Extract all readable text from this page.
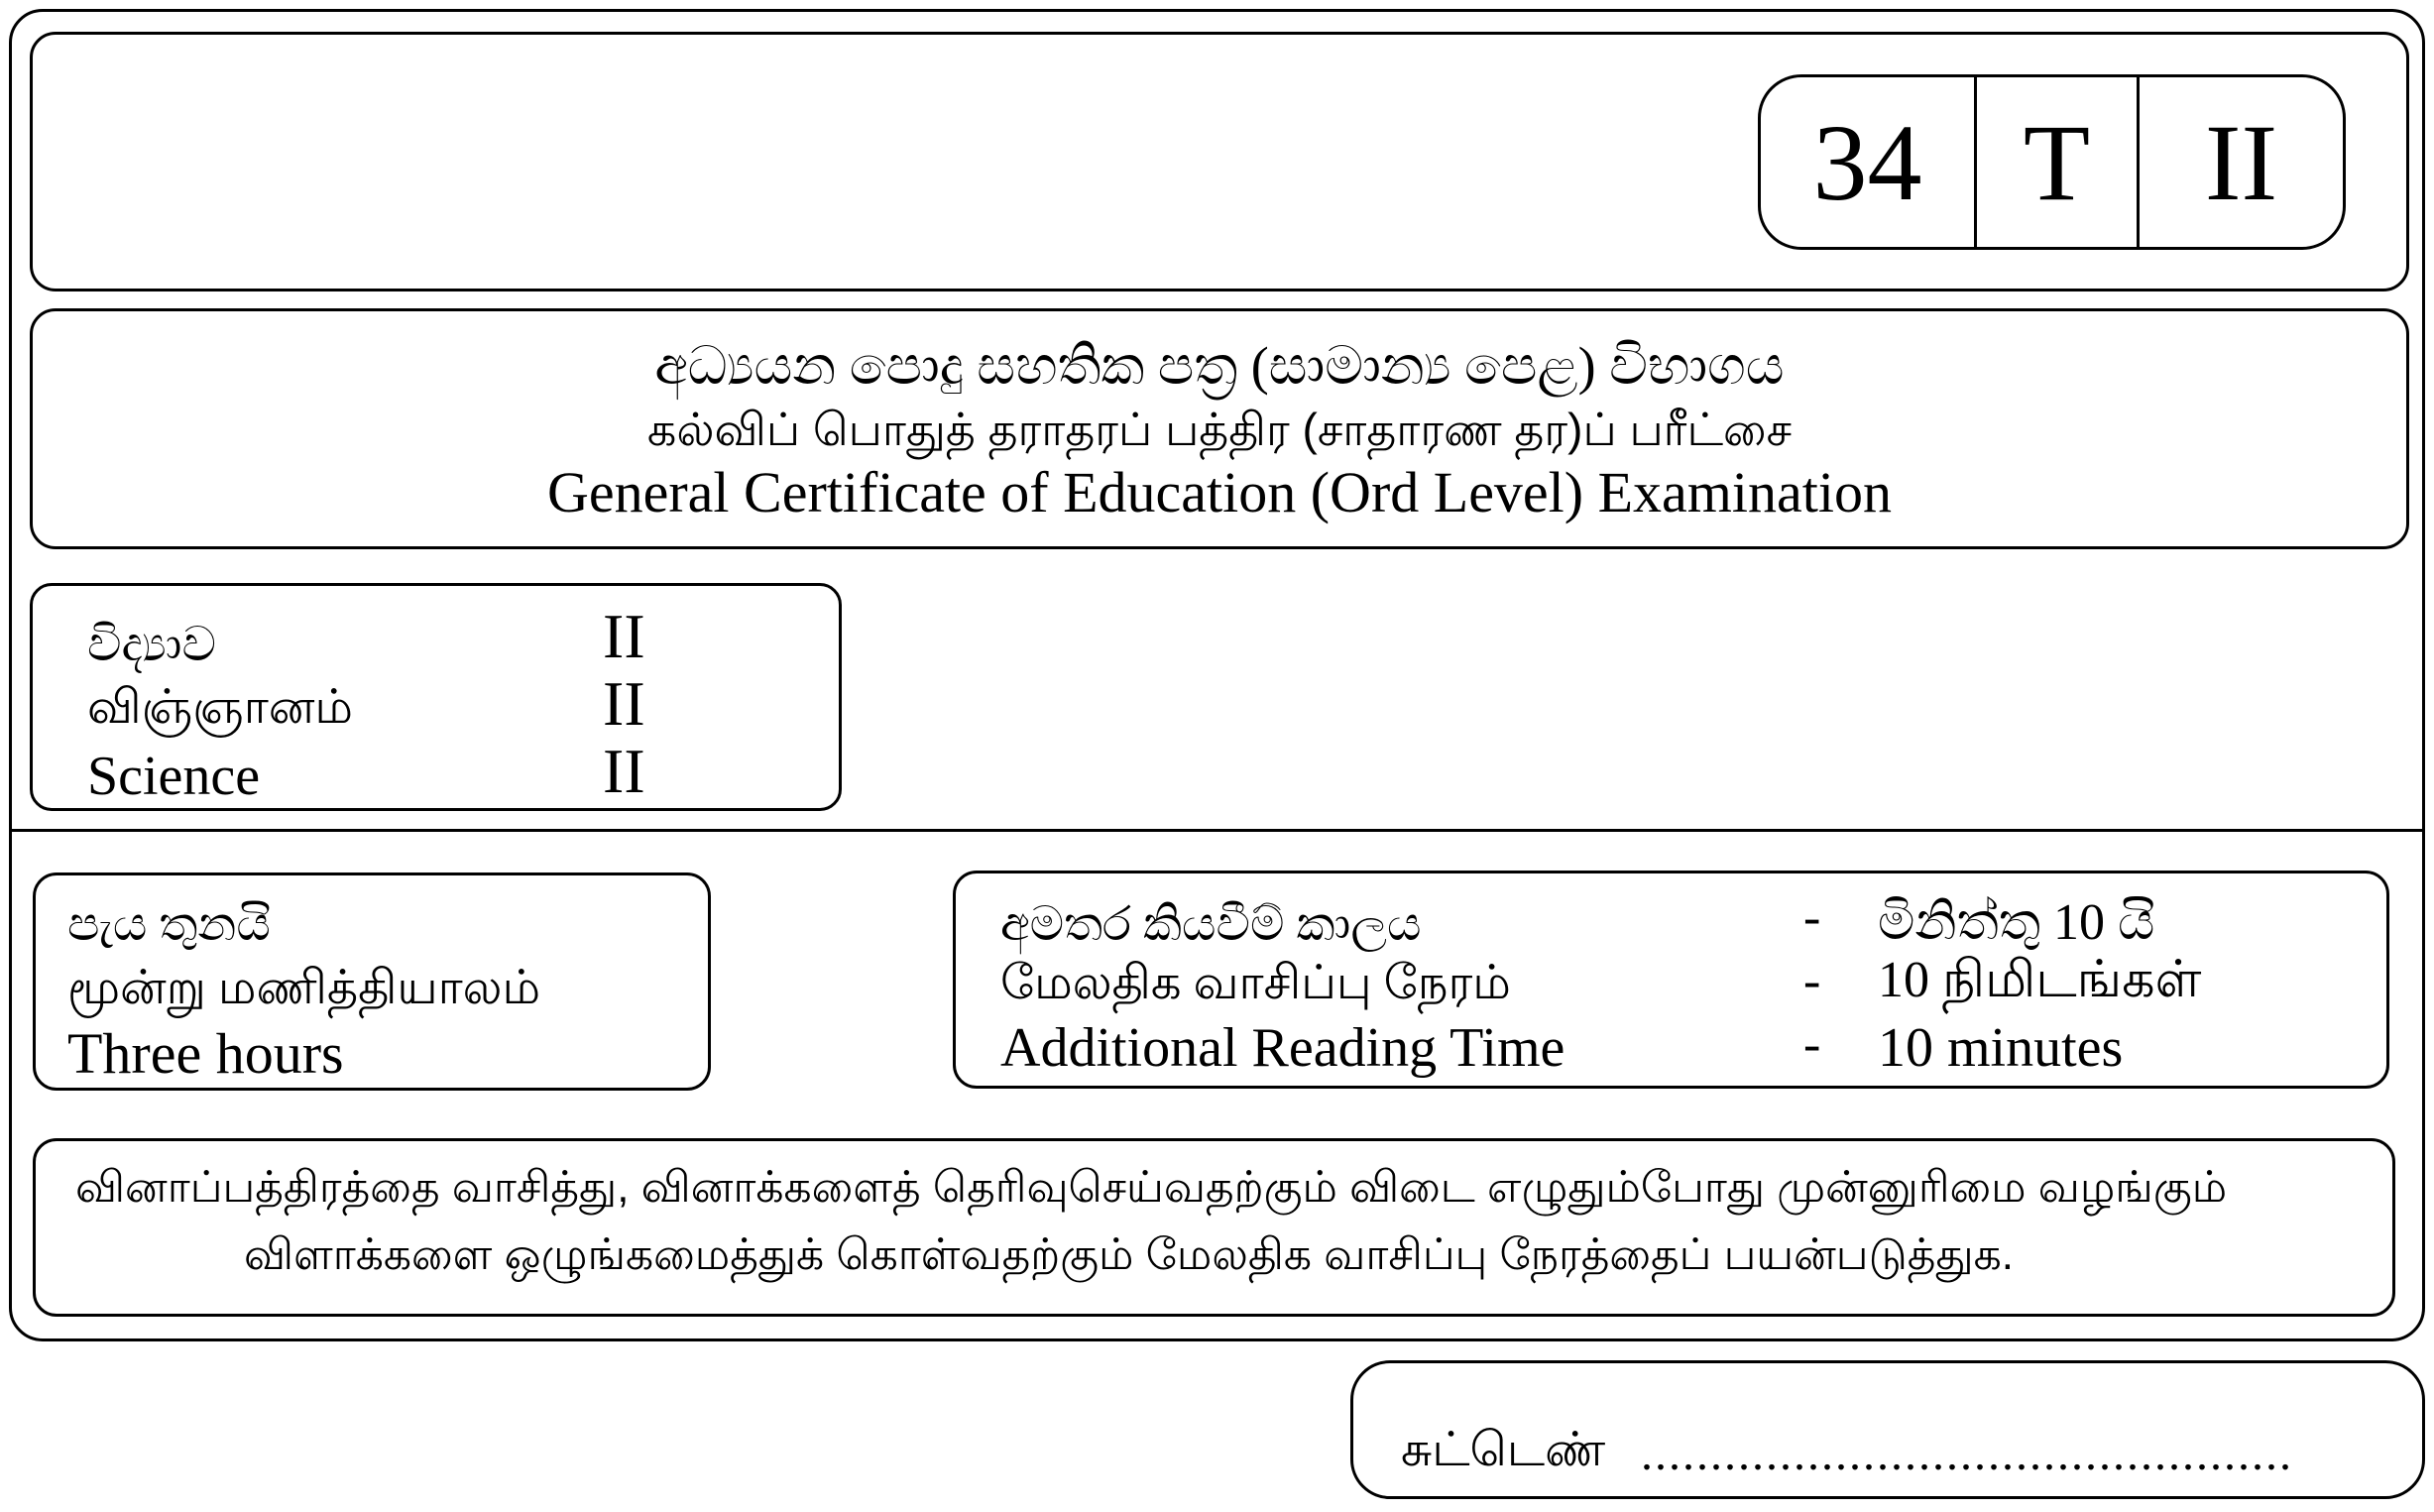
34 T	II
අධ්‍යයන පොදු සහතික පත්‍ර (සාමාන්‍ය පෙළ) විභාගය
கல்விப் பொதுத் தராதரப் பத்திர (சாதாரண தர)ப் பரீட்சை
General Certificate of Education (Ord Level) Examination
විද්‍යාව	II
விஞ்ஞானம்	II
Science	II
පැය තුනයි
மூன்று மணித்தியாலம்
Three hours
අමතර කියවීම් කාලය	- මිනිත්තු 10 යි
மேலதிக வாசிப்பு நேரம்	- 10 நிமிடங்கள்
Additional Reading Time	- 10 minutes
வினாப்பத்திரத்தை வாசித்து, வினாக்களைத் தெரிவுசெய்வதற்கும் விடை எழுதும்போது முன்னுரிமை வழங்கும்
விளாக்களை ஒழுங்கமைத்துக் கொள்வதற்கும் மேலதிக வாசிப்பு நேரத்தைப் பயன்படுத்துக.
சுட்டெண் ...............................................
